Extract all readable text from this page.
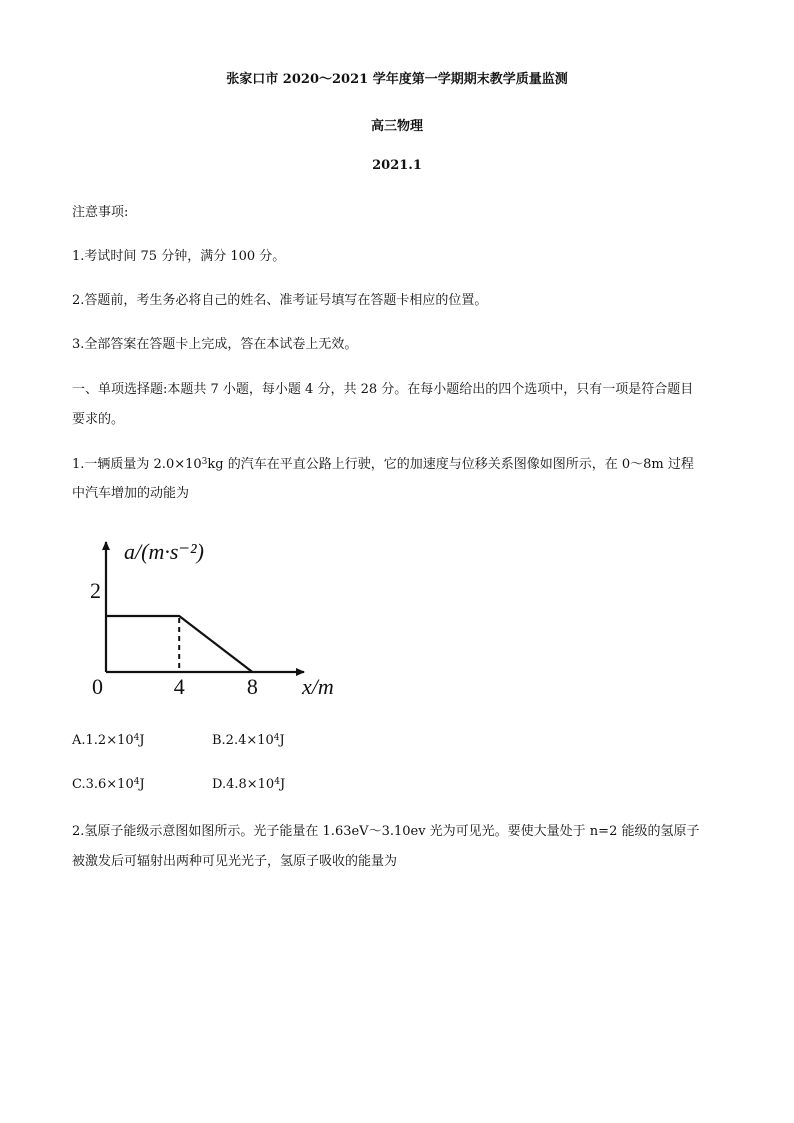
张家口市 2020～2021 学年度第一学期期末教学质量监测
高三物理
2021.1
注意事项:
1.考试时间 75 分钟，满分 100 分。
2.答题前，考生务必将自己的姓名、准考证号填写在答题卡相应的位置。
3.全部答案在答题卡上完成，答在本试卷上无效。
一、单项选择题:本题共 7 小题，每小题 4 分，共 28 分。在每小题给出的四个选项中，只有一项是符合题目
要求的。
1.一辆质量为 $2.0\times 10^3kg$ 的汽车在平直公路上行驶，它的加速度与位移关系图像如图所示，在 0～8m 过程
中汽车增加的动能为
a/(m·s⁻²)
2
0	4	8 x/m
$A.1.2\times 10^4J$	$B.2.4\times 10^4J$
$C.3.6\times 10^4J$	$D.4.8\times 10^4J$
2.氢原子能级示意图如图所示。光子能量在 1.63eV～3.10ev 光为可见光。要使大量处于 n=2 能级的氢原子
被激发后可辐射出两种可见光光子，氢原子吸收的能量为
